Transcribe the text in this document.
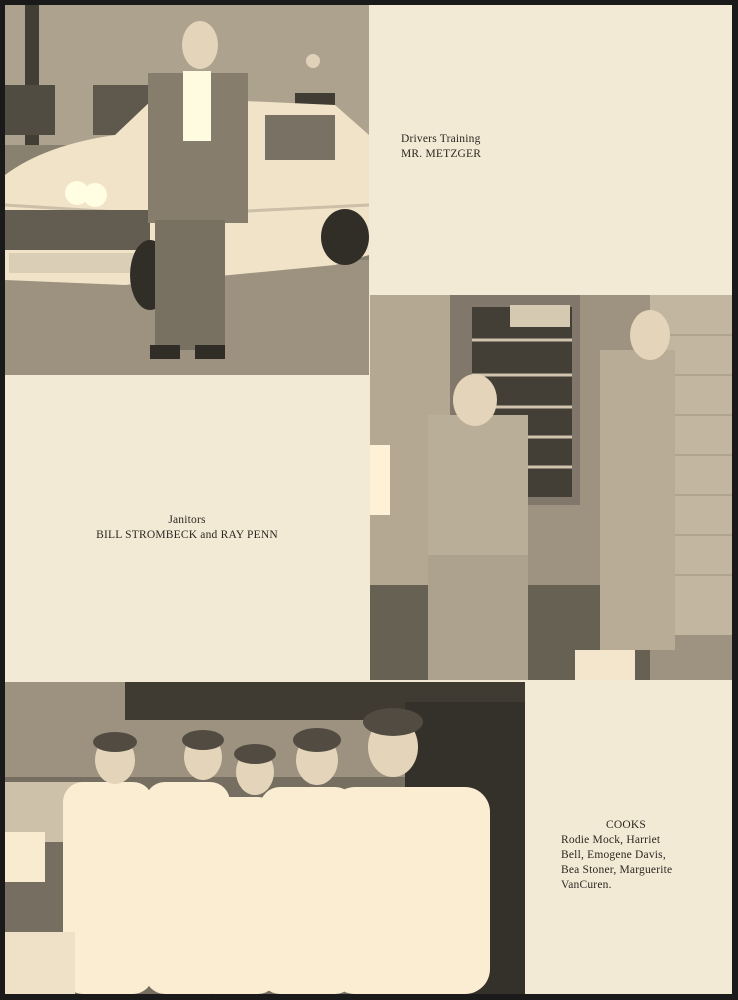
Drivers Training
MR. METZGER
Janitors
BILL STROMBECK and RAY PENN
COOKS
Rodie Mock, Harriet
Bell, Emogene Davis,
Bea Stoner, Marguerite
VanCuren.
